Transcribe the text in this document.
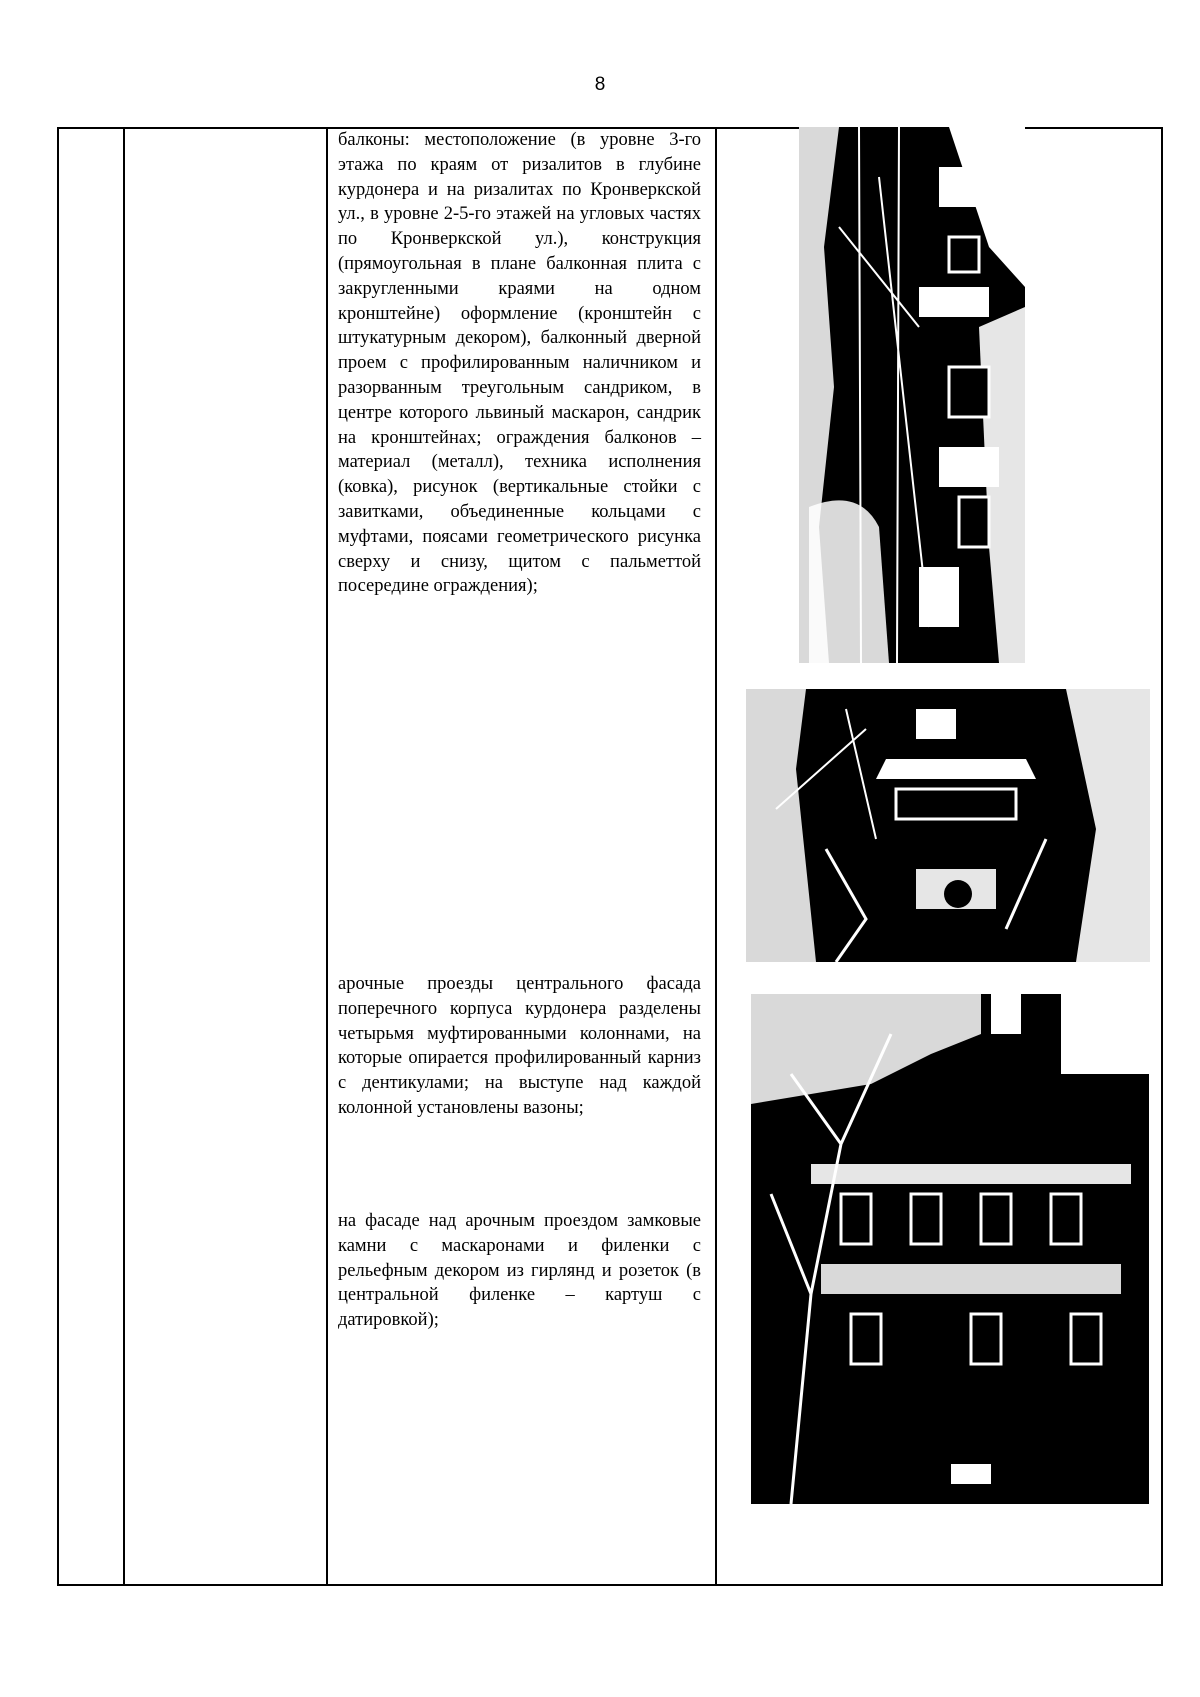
8
балконы: местоположение (в уровне 3-го этажа по краям от ризалитов в глубине курдонера и на ризалитах по Кронверкской ул., в уровне 2-5-го этажей на угловых частях по Кронверкской ул.), конструкция (прямоугольная в плане балконная плита с закругленными краями на одном кронштейне) оформление (кронштейн с штукатурным декором), балконный дверной проем с профилированным наличником и разорванным треугольным сандриком, в центре которого львиный маскарон, сандрик на кронштейнах; ограждения балконов – материал (металл), техника исполнения (ковка), рисунок (вертикальные стойки с завитками, объединенные кольцами с муфтами, поясами геометрического рисунка сверху и снизу, щитом с пальметтой посередине ограждения);
арочные проезды центрального фасада поперечного корпуса курдонера разделены четырьмя муфтированными колоннами, на которые опирается профилированный карниз с дентикулами; на выступе над каждой колонной установлены вазоны;
на фасаде над арочным проездом замковые камни с маскаронами и филенки с рельефным декором из гирлянд и розеток (в центральной филенке – картуш с датировкой);
